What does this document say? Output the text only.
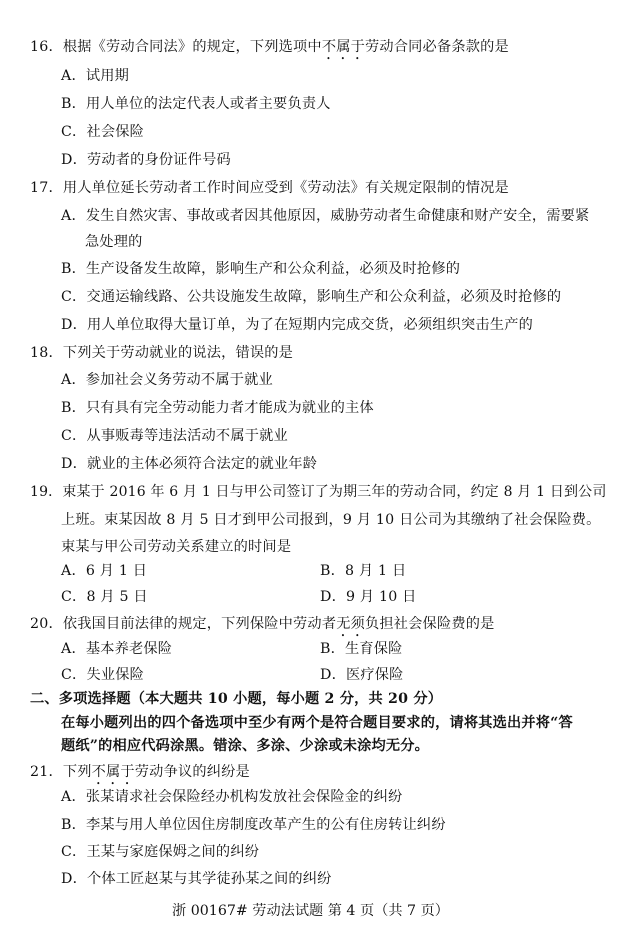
16．根据《劳动合同法》的规定，下列选项中不属于劳动合同必备条款的是
A．试用期
B．用人单位的法定代表人或者主要负责人
C．社会保险
D．劳动者的身份证件号码
17．用人单位延长劳动者工作时间应受到《劳动法》有关规定限制的情况是
A．发生自然灾害、事故或者因其他原因，威胁劳动者生命健康和财产安全，需要紧
急处理的
B．生产设备发生故障，影响生产和公众利益，必须及时抢修的
C．交通运输线路、公共设施发生故障，影响生产和公众利益，必须及时抢修的
D．用人单位取得大量订单，为了在短期内完成交货，必须组织突击生产的
18．下列关于劳动就业的说法，错误的是
A．参加社会义务劳动不属于就业
B．只有具有完全劳动能力者才能成为就业的主体
C．从事贩毒等违法活动不属于就业
D．就业的主体必须符合法定的就业年龄
19．束某于 2016 年 6 月 1 日与甲公司签订了为期三年的劳动合同，约定 8 月 1 日到公司
上班。束某因故 8 月 5 日才到甲公司报到，9 月 10 日公司为其缴纳了社会保险费。
束某与甲公司劳动关系建立的时间是
A．6 月 1 日	B．8 月 1 日
C．8 月 5 日	D．9 月 10 日
20．依我国目前法律的规定，下列保险中劳动者无须负担社会保险费的是
A．基本养老保险	B．生育保险
C．失业保险	D．医疗保险
二、多项选择题（本大题共 10 小题，每小题 2 分，共 20 分）
在每小题列出的四个备选项中至少有两个是符合题目要求的，请将其选出并将“答
题纸”的相应代码涂黑。错涂、多涂、少涂或未涂均无分。
21．下列不属于劳动争议的纠纷是
A．张某请求社会保险经办机构发放社会保险金的纠纷
B．李某与用人单位因住房制度改革产生的公有住房转让纠纷
C．王某与家庭保姆之间的纠纷
D．个体工匠赵某与其学徒孙某之间的纠纷
浙 00167# 劳动法试题 第 4 页（共 7 页）
